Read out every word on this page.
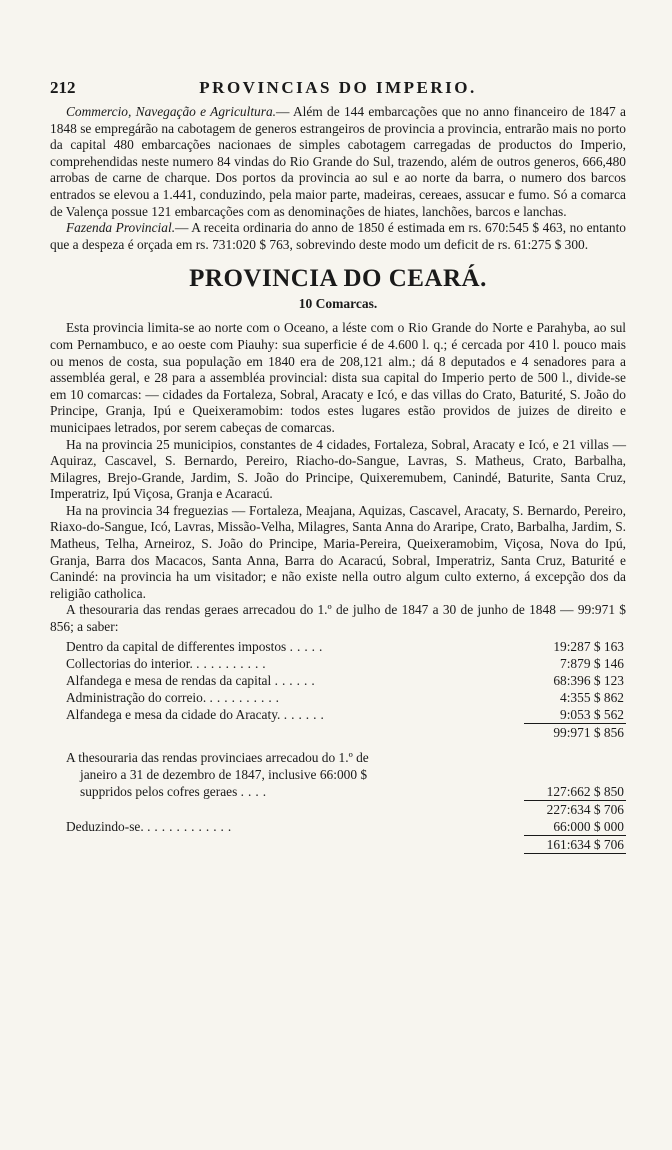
212	PROVINCIAS DO IMPERIO.

Commercio, Navegação e Agricultura.— Além de 144 embarcações que no anno financeiro de 1847 a 1848 se empregárão na cabotagem de generos estrangeiros de provincia a provincia, entrarão mais no porto da capital 480 embarcações nacionaes de simples cabotagem carregadas de productos do Imperio, comprehendidas neste numero 84 vindas do Rio Grande do Sul, trazendo, além de outros generos, 666,480 arrobas de carne de charque. Dos portos da provincia ao sul e ao norte da barra, o numero dos barcos entrados se elevou a 1.441, conduzindo, pela maior parte, madeiras, cereaes, assucar e fumo. Só a comarca de Valença possue 121 embarcações com as denominações de hiates, lanchões, barcos e lanchas.

Fazenda Provincial.— A receita ordinaria do anno de 1850 é estimada em rs. 670:545 $ 463, no entanto que a despeza é orçada em rs. 731:020 $ 763, sobrevindo deste modo um deficit de rs. 61:275 $ 300.

PROVINCIA DO CEARÁ.
10 Comarcas.

Esta provincia limita-se ao norte com o Oceano, a léste com o Rio Grande do Norte e Parahyba, ao sul com Pernambuco, e ao oeste com Piauhy: sua superficie é de 4.600 l. q.; é cercada por 410 l. pouco mais ou menos de costa, sua população em 1840 era de 208,121 alm.; dá 8 deputados e 4 senadores para a assembléa geral, e 28 para a assembléa provincial: dista sua capital do Imperio perto de 500 l., divide-se em 10 comarcas: — cidades da Fortaleza, Sobral, Aracaty e Icó, e das villas do Crato, Baturité, S. João do Principe, Granja, Ipú e Queixeramobim: todos estes lugares estão providos de juizes de direito e municipaes letrados, por serem cabeças de comarcas.

Ha na provincia 25 municipios, constantes de 4 cidades, Fortaleza, Sobral, Aracaty e Icó, e 21 villas — Aquiraz, Cascavel, S. Bernardo, Pereiro, Riacho-do-Sangue, Lavras, S. Matheus, Crato, Barbalha, Milagres, Brejo-Grande, Jardim, S. João do Principe, Quixeremubem, Canindé, Baturite, Santa Cruz, Imperatriz, Ipú Viçosa, Granja e Acaracú.

Ha na provincia 34 freguezias — Fortaleza, Meajana, Aquizas, Cascavel, Aracaty, S. Bernardo, Pereiro, Riaxo-do-Sangue, Icó, Lavras, Missão-Velha, Milagres, Santa Anna do Araripe, Crato, Barbalha, Jardim, S. Matheus, Telha, Arneiroz, S. João do Principe, Maria-Pereira, Queixeramobim, Viçosa, Nova do Ipú, Granja, Barra dos Macacos, Santa Anna, Barra do Acaracú, Sobral, Imperatriz, Santa Cruz, Baturité e Canindé: na provincia ha um visitador; e não existe nella outro algum culto externo, á excepção dos da religião catholica.

A thesouraria das rendas geraes arrecadou do 1.º de julho de 1847 a 30 de junho de 1848 — 99:971 $ 856; a saber:

Dentro da capital de differentes impostos .....	19:287 $ 163
Collectorias do interior. ..........	7:879 $ 146
Alfandega e mesa de rendas da capital ......	68:396 $ 123
Administração do correio. ..........	4:355 $ 862
Alfandega e mesa da cidade do Aracaty. ......	9:053 $ 562
99:971 $ 856
A thesouraria das rendas provinciaes arrecadou do 1.º de
janeiro a 31 de dezembro de 1847, inclusive 66:000 $
suppridos pelos cofres geraes ....	127:662 $ 850
227:634 $ 706
Deduzindo-se. ............	66:000 $ 000
161:634 $ 706
